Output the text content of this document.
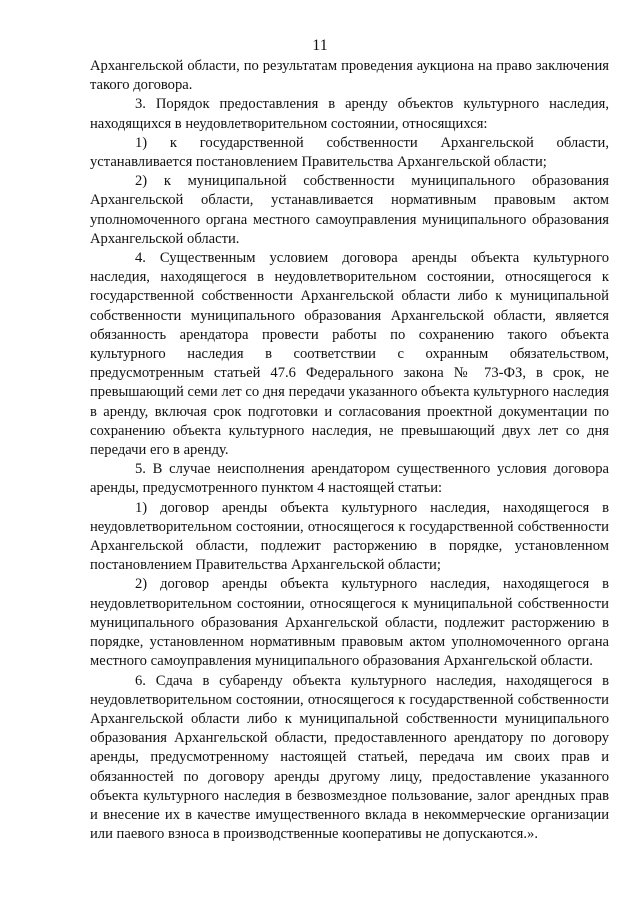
11

Архангельской области, по результатам проведения аукциона на право заключения такого договора.

3. Порядок предоставления в аренду объектов культурного наследия, находящихся в неудовлетворительном состоянии, относящихся:

1) к государственной собственности Архангельской области, устанавливается постановлением Правительства Архангельской области;

2) к муниципальной собственности муниципального образования Архангельской области, устанавливается нормативным правовым актом уполномоченного органа местного самоуправления муниципального образования Архангельской области.

4. Существенным условием договора аренды объекта культурного наследия, находящегося в неудовлетворительном состоянии, относящегося к государственной собственности Архангельской области либо к муниципальной собственности муниципального образования Архангельской области, является обязанность арендатора провести работы по сохранению такого объекта культурного наследия в соответствии с охранным обязательством, предусмотренным статьей 47.6 Федерального закона № 73-ФЗ, в срок, не превышающий семи лет со дня передачи указанного объекта культурного наследия в аренду, включая срок подготовки и согласования проектной документации по сохранению объекта культурного наследия, не превышающий двух лет со дня передачи его в аренду.

5. В случае неисполнения арендатором существенного условия договора аренды, предусмотренного пунктом 4 настоящей статьи:

1) договор аренды объекта культурного наследия, находящегося в неудовлетворительном состоянии, относящегося к государственной собственности Архангельской области, подлежит расторжению в порядке, установленном постановлением Правительства Архангельской области;

2) договор аренды объекта культурного наследия, находящегося в неудовлетворительном состоянии, относящегося к муниципальной собственности муниципального образования Архангельской области, подлежит расторжению в порядке, установленном нормативным правовым актом уполномоченного органа местного самоуправления муниципального образования Архангельской области.

6. Сдача в субаренду объекта культурного наследия, находящегося в неудовлетворительном состоянии, относящегося к государственной собственности Архангельской области либо к муниципальной собственности муниципального образования Архангельской области, предоставленного арендатору по договору аренды, предусмотренному настоящей статьей, передача им своих прав и обязанностей по договору аренды другому лицу, предоставление указанного объекта культурного наследия в безвозмездное пользование, залог арендных прав и внесение их в качестве имущественного вклада в некоммерческие организации или паевого взноса в производственные кооперативы не допускаются.».
